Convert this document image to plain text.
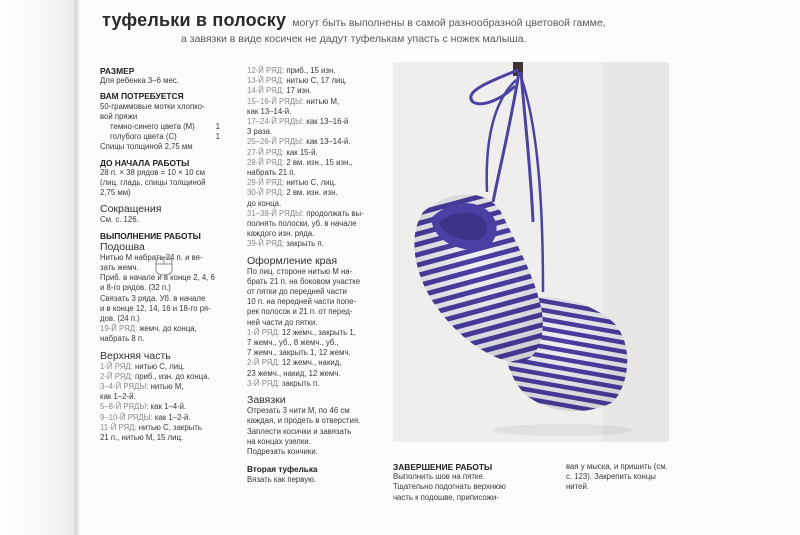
туфельки в полоску могут быть выполнены в самой разнообразной цветовой гамме,
а завязки в виде косичек не дадут туфелькам упасть с ножек малыша.
РАЗМЕР
Для ребенка 3–6 мес.
ВАМ ПОТРЕБУЕТСЯ
50-граммовые мотки хлопко-
вой пряжи
темно-синего цвета (М)	1
голубого цвета (С)	1
Спицы толщиной 2,75 мм
ДО НАЧАЛА РАБОТЫ
28 п. × 38 рядов = 10 × 10 см
(лиц. гладь, спицы толщиной
2,75 мм)
Сокращения
См. с. 126.
ВЫПОЛНЕНИЕ РАБОТЫ
Подошва
Нитью М набрать 24 п. и вя-
зать жемч.
Приб. в начале и в конце 2, 4, 6
и 8-го рядов. (32 п.)
Связать 3 ряда. Уб. в начале
и в конце 12, 14, 16 и 18-го ря-
дов. (24 п.)
19-Й РЯД: жемч. до конца,
набрать 8 п.
Верхняя часть
1-Й РЯД: нитью С, лиц.
2-Й РЯД: приб., изн. до конца.
3–4-Й РЯДЫ: нитью М,
как 1–2-й.
5–8-Й РЯДЫ: как 1–4-й.
9–10-Й РЯДЫ: как 1–2-й.
11-Й РЯД: нитью С, закрыть
21 п., нитью М, 15 лиц.
12-Й РЯД: приб., 15 изн.
13-Й РЯД: нитью С, 17 лиц.
14-Й РЯД: 17 изн.
15–16-Й РЯДЫ: нитью М,
как 13–14-й.
17–24-Й РЯДЫ: как 13–16-й
3 раза.
25–26-Й РЯДЫ: как 13–14-й.
27-Й РЯД: как 15-й.
28-Й РЯД: 2 вм. изн., 15 изн.,
набрать 21 п.
29-Й РЯД: нитью С, лиц.
30-Й РЯД: 2 вм. изн. изн.
до конца.
31–38-Й РЯДЫ: продолжать вы-
полнять полоски, уб. в начале
каждого изн. ряда.
39-Й РЯД: закрыть п.
Оформление края
По лиц. стороне нитью М на-
брать 21 п. на боковом участке
от пятки до передней части
10 п. на передней части попе-
рек полосок и 21 п. от перед-
ней части до пятки.
1-Й РЯД: 12 жемч., закрыть 1,
7 жемч., уб., 8 жемч., уб.,
7 жемч., закрыть 1, 12 жемч.
2-Й РЯД: 12 жемч., накид,
23 жемч., накид, 12 жемч.
3-Й РЯД: закрыть п.
Завязки
Отрезать 3 нити М, по 46 см
каждая, и продеть в отверстия.
Заплести косички и завязать
на концах узелки.
Подрезать кончики.
Вторая туфелька
Вязать как первую.
ЗАВЕРШЕНИЕ РАБОТЫ
Выполнить шов на пятке.
Тщательно подогнать верхнюю
часть к подошве, приписожи-
вая у мыска, и пришить (см.
с. 123). Закрепить концы
нитей.
